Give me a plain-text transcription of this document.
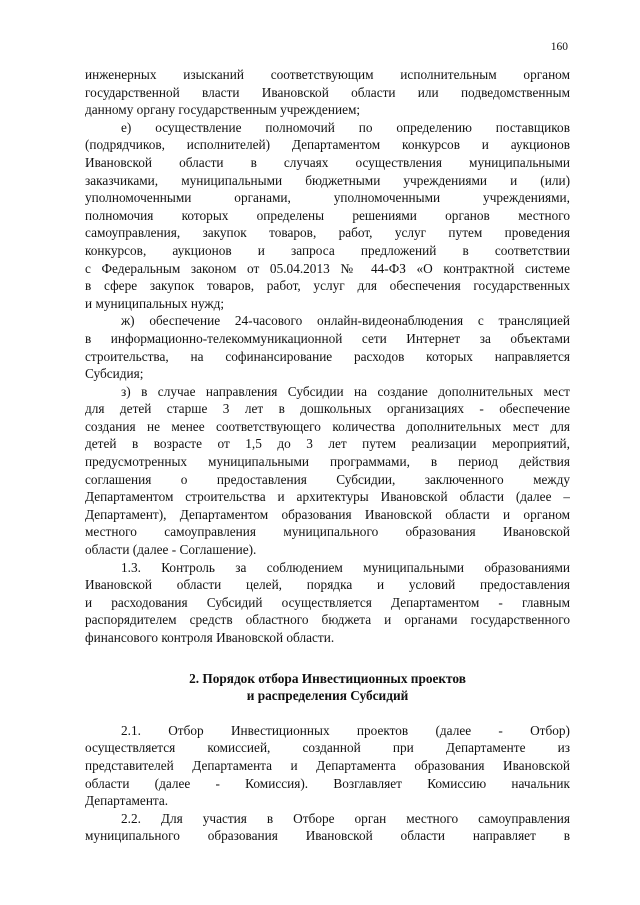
160
инженерных изысканий соответствующим исполнительным органом
государственной власти Ивановской области или подведомственным
данному органу государственным учреждением;
е) осуществление полномочий по определению поставщиков
(подрядчиков, исполнителей) Департаментом конкурсов и аукционов
Ивановской области в случаях осуществления муниципальными
заказчиками, муниципальными бюджетными учреждениями и (или)
уполномоченными органами, уполномоченными учреждениями,
полномочия которых определены решениями органов местного
самоуправления, закупок товаров, работ, услуг путем проведения
конкурсов, аукционов и запроса предложений в соответствии
с Федеральным законом от 05.04.2013 № 44-ФЗ «О контрактной системе
в сфере закупок товаров, работ, услуг для обеспечения государственных
и муниципальных нужд;
ж) обеспечение 24-часового онлайн-видеонаблюдения с трансляцией
в информационно-телекоммуникационной сети Интернет за объектами
строительства, на софинансирование расходов которых направляется
Субсидия;
з) в случае направления Субсидии на создание дополнительных мест
для детей старше 3 лет в дошкольных организациях - обеспечение
создания не менее соответствующего количества дополнительных мест для
детей в возрасте от 1,5 до 3 лет путем реализации мероприятий,
предусмотренных муниципальными программами, в период действия
соглашения о предоставления Субсидии, заключенного между
Департаментом строительства и архитектуры Ивановской области (далее –
Департамент), Департаментом образования Ивановской области и органом
местного самоуправления муниципального образования Ивановской
области (далее - Соглашение).
1.3. Контроль за соблюдением муниципальными образованиями
Ивановской области целей, порядка и условий предоставления
и расходования Субсидий осуществляется Департаментом - главным
распорядителем средств областного бюджета и органами государственного
финансового контроля Ивановской области.
2. Порядок отбора Инвестиционных проектов
и распределения Субсидий
2.1. Отбор Инвестиционных проектов (далее - Отбор)
осуществляется комиссией, созданной при Департаменте из
представителей Департамента и Департамента образования Ивановской
области (далее - Комиссия). Возглавляет Комиссию начальник
Департамента.
2.2. Для участия в Отборе орган местного самоуправления
муниципального образования Ивановской области направляет в
